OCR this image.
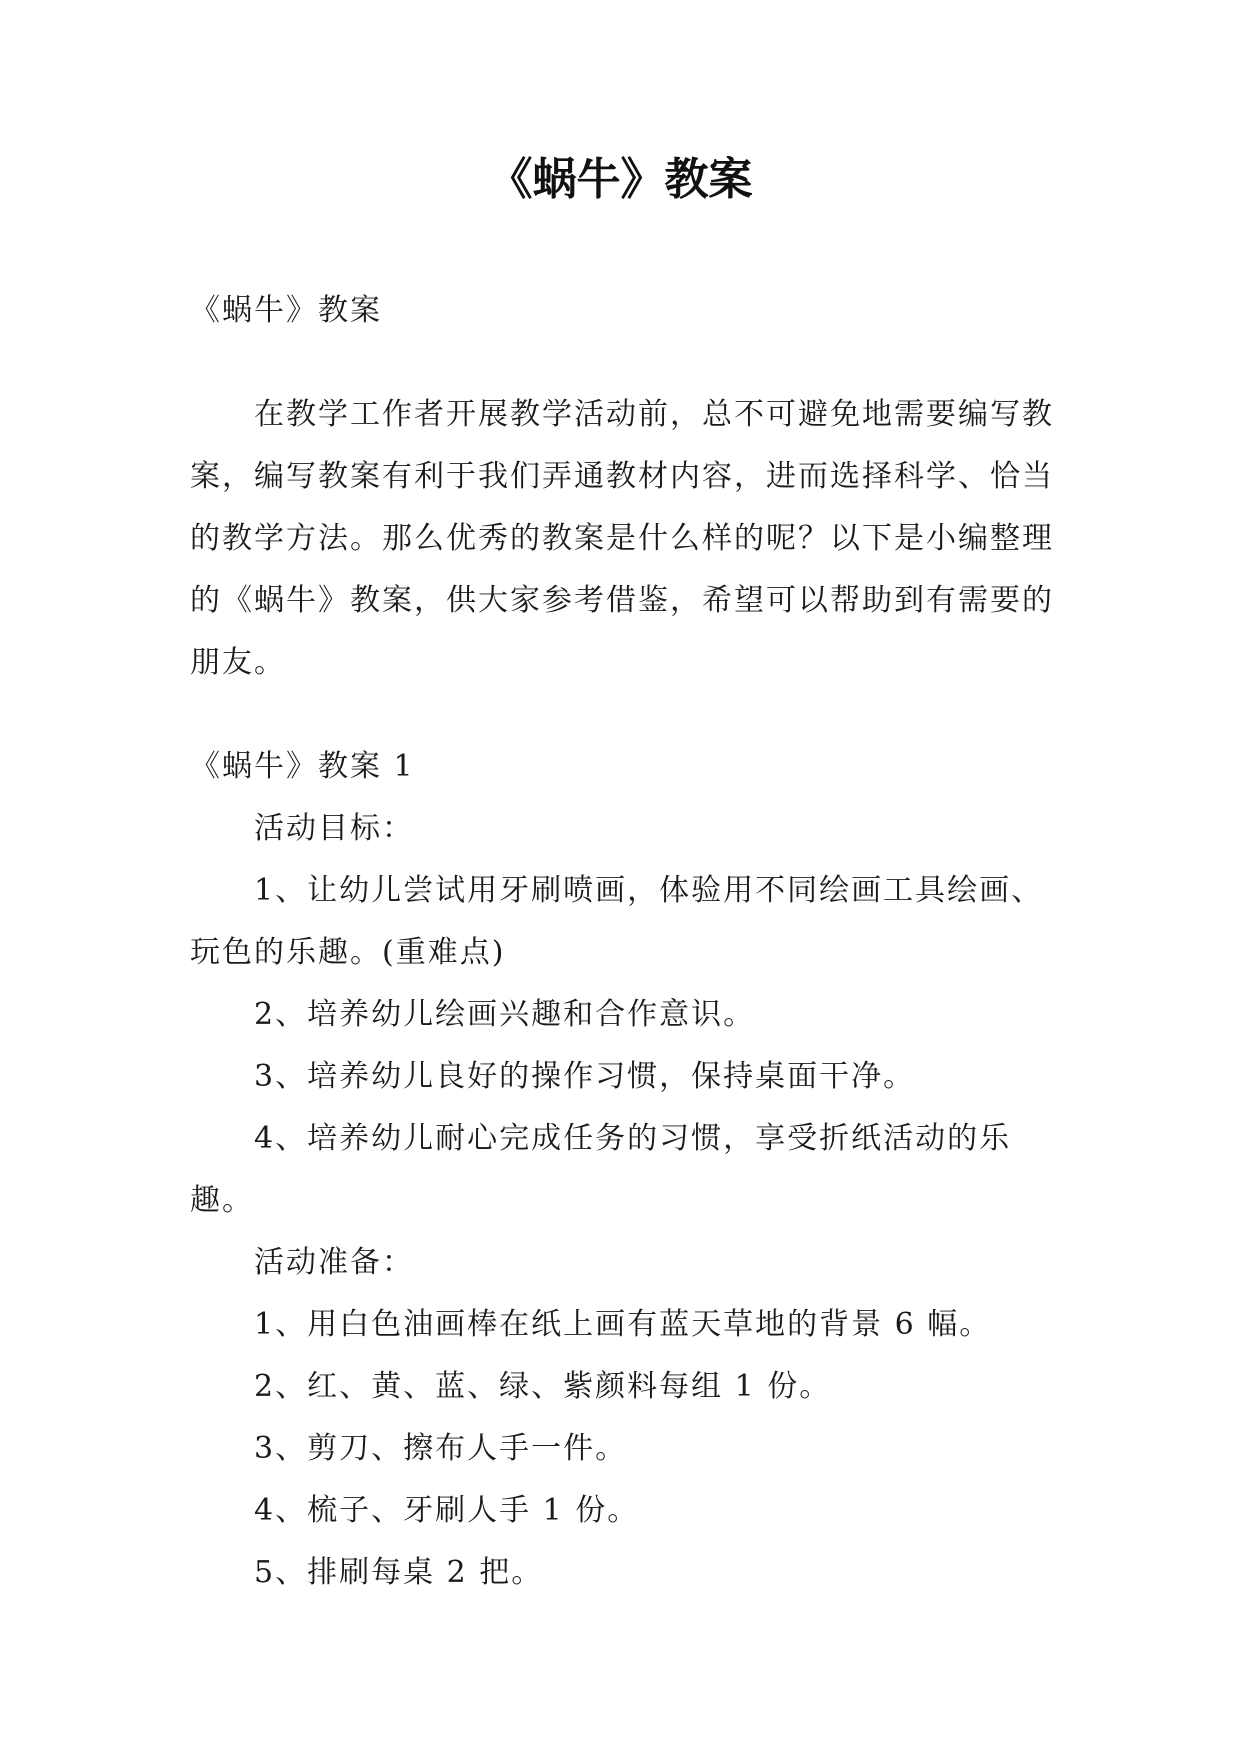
《蜗牛》教案

《蜗牛》教案

在教学工作者开展教学活动前，总不可避免地需要编写教案，编写教案有利于我们弄通教材内容，进而选择科学、恰当的教学方法。那么优秀的教案是什么样的呢？以下是小编整理的《蜗牛》教案，供大家参考借鉴，希望可以帮助到有需要的朋友。

《蜗牛》教案 1

活动目标：

1、让幼儿尝试用牙刷喷画，体验用不同绘画工具绘画、玩色的乐趣。(重难点)

2、培养幼儿绘画兴趣和合作意识。

3、培养幼儿良好的操作习惯，保持桌面干净。

4、培养幼儿耐心完成任务的习惯，享受折纸活动的乐趣。

活动准备：

1、用白色油画棒在纸上画有蓝天草地的背景 6 幅。

2、红、黄、蓝、绿、紫颜料每组 1 份。

3、剪刀、擦布人手一件。

4、梳子、牙刷人手 1 份。

5、排刷每桌 2 把。
